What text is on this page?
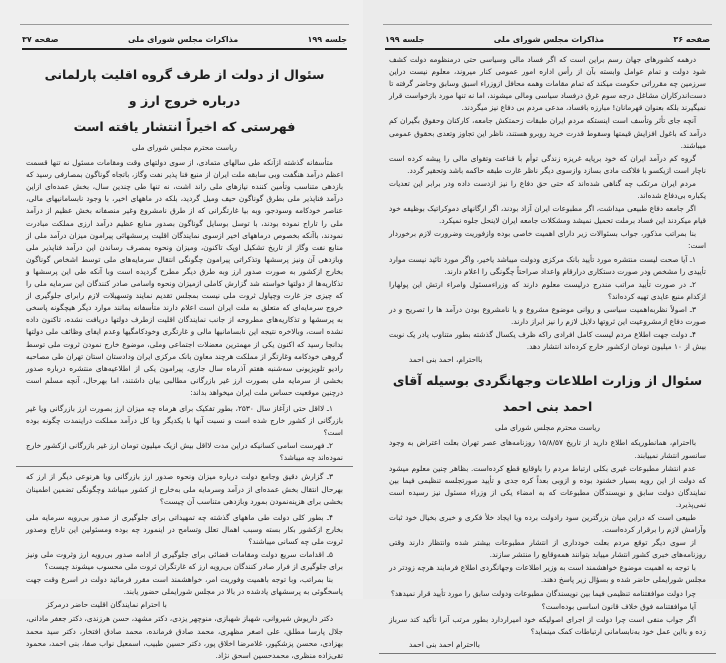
جلسه ۱۹۹
مذاکرات مجلس شورای ملی
صفحه ۳۷
سئوال از دولت از طرف گروه اقلیت پارلمانی درباره خروج ارز و
فهرستی که اخیراً انتشار یافته است
ریاست محترم مجلس شورای ملی

متأسفانه گذشته ازآنکه طی سالهای متمادی، از سوی دولتهای وقت ومقامات مسئول نه تنها قسمت اعظم درآمد هنگفت وبی سابقه ملت ایران از منبع فنا پذیر نفت وگاز، باتجاه گوناگون بمصارفی رسید که بازدهی متناسب وتأمین کننده نیازهای ملی راند اشت، نه تنها طی چندین سال، بخش عمده‌ای ازاین درآمد فناپذیر ملی بطرق گوناگون حیف ومیل گردید، بلکه در ماههای اخیر، با وجود نابسامانیهای مالی، عناصر خودکامه وسودجو، وبه بیا غارتگرانی که از طرق نامشروع وغیر منصفانه بخش عظیم از درآمد ملی را تاراج نموده بودند، با توسل بوسایل گوناگون بصدور منابع عظیم درآمد ارزی مملکت مبادرت نمودند، باآنکه بخصوص درماههای اخیر ازسوی نمایندگان اقلیت پرسشهائی پیرامون میزان درآمد ملی از منابع نفت وگاز از تاریخ تشکیل اوپک تاکنون، ومیزان ونحوه بمصرف رساندن این درآمد فناپذیر ملی وبازدهی آن ونیز پرسشها وتذکراتی پیرامون چگونگی انتقال سرمایه‌های ملی توسط اشخاص گوناگون بخارج ازکشور به صورت صدور ارز وبه طرق دیگر مطرح گردیده است وبا آنکه طی این پرسشها و تذکاریه‌ها از دولتها خواسته شد گزارش کاملی ازمیزان ونحوه واسامی صادر کنندگان این سرمایه ملی را که چیزی جز غارت وچپاول ثروت ملی نیست بمجلس تقدیم نمایند وتسهیلات لازم رابرای جلوگیری از خروج سرمایه‌ای که متعلق به ملت ایران است اعلام دارند متأسفانه بمانند موارد دیگر هیچگونه پاسخی به پرسشها و تذکاریه‌های مطروحه از جانب نمایندگان اقلیت ازطرف دولتها دریافت نشده، تاکنون داده نشده است، وبالاخره نتیجه این نابسامانیها مالی و غارتگری وخودکامگیها وعدم ایفای وظائف ملی دولتها بدانجا رسید که اکنون یکی از مهمترین معضلات اجتماعی وملی، موضوع خارج نمودن ثروت ملی توسط گروهی خودکامه وغارتگر از مملکت هرچند معاون بانک مرکزی ایران ودادستان استان تهران طی مصاحبه رادیو تلویزیونی سه‌شنبه هفتم آذرماه سال جاری، پیرامون یکی از اطلاعیه‌های منتشره درباره صدور بخشی از سرمایه ملی بصورت ارز غیر بازرگانی مطالبی بیان داشتند، اما بهرحال، آنچه مسلم است درچنین موقعیت حساس ملت ایران میخواهد بداند:

۱ـ لااقل حتی ازآغاز سال ۲۵۳۰، بطور تفکیک برای هرماه چه میزان ارز بصورت ارز بازرگانی ویا غیر بازرگانی از کشور خارج شده است و نسبت آنها با یکدیگر وبا کل درآمد مملکت دراینمدت چگونه بوده است؟

۲ـ فهرست اسامی کسانیکه دراین مدت لااقل بیش ازیک میلیون تومان ارز غیر بازرگانی ازکشور خارج نموده‌اند چه میباشد؟

۳ـ گزارش دقیق وجامع دولت درباره میزان ونحوه صدور ارز بازرگانی ویا هرنوعی دیگر از ارز که بهرحال انتقال بخش عمده‌ای از درآمد وسرمایه ملی به‌خارج از کشور میباشد وچگونگی تضمین اطمینان بخشی برای هزینه‌نمودن بمورد وبازدهی متناسب آن چیست؟

۴ـ بطور کلی دولت طی ماههای گذشته چه تمهیداتی برای جلوگیری از صدور بی‌رویه سرمایه ملی بخارج ازکشور بکار بسته وسبب اهمال تعلل وتسامح در اینمورد چه بوده ومسئولین این تاراج وصدور ثروت ملی چه کسانی میباشند؟

۵ـ اقدامات سریع دولت ومقامات قضائی برای جلوگیری از ادامه صدور بی‌رویه ارز وثروت ملی ونیز برای جلوگیری از فرار صادر کنندگان بی‌رویه ارز که غارتگران ثروت ملی محسوب میشوند چیست؟

بنا بمراتب، وبا توجه باهمیت وفوریت امر، خواهشمند است مقرر فرمائید دولت در اسرع وقت جهت پاسخگوئی به پرسشهای یادشده در بالا در مجلس شورایملی حضور یابند.

با احترام نمایندگان اقلیت حاضر درمرکز

دکتر داریوش شیروانی، شهباز شهبازی، منوچهر یزدی، دکتر مشهد، حسن هرزندی، دکتر جعفر مادانی، جلال پارسا مطلق، علی اصغر مظهری، محمد صادق فرمانده، محمد صادق افتخار، دکتر سید محمد بهزادی، محسن پزشکپور، غلامرضا اخلاق پور، دکتر حسین طبیب، اسمعیل نواب صفا، بنی احمد، محمود تقی‌زاده منظری، محمدحسین اسحق نژاد.

صفحه ۳۶
مذاکرات مجلس شورای ملی
جلسه ۱۹۹

درهمه کشورهای جهان رسم براین است که اگر فساد مالی وسیاسی حتی درمنظومه دولت کشف شود دولت و تمام عوامل وابسته بآن از رأس اداره امور عمومی کنار میروند، معلوم نیست دراین سرزمین چه مقرراتی حکومت میکند که تمام مقامات وهمه محافل ازوزراء اسبق وسابق وحاضر گرفته تا دست‌اندرکاران مشاغل درجه سوم غرق درفساد سیاسی ومالی میشوند، اما نه تنها مورد بازخواست قرار نمیگیرند بلکه بعنوان قهرمانان! مبارزه بافساد، مدعی مردم بی دفاع نیز میگردند.

آنچه جای تأثر وتأسف است اینستکه مردم ایران طبقات زحمتکش جامعه، کارکنان وحقوق بگیران کم درآمد که باغول افزایش قیمتها وسقوط قدرت خرید روبرو هستند، ناظر این تجاوز وتعدی بحقوق عمومی میباشند.

گروه کم درآمد ایران که خود برپایه غریزه زندگی توأم با قناعت وتقوای مالی را پیشه کرده است ناچار است ازیکسو با فلاکت مادی بسازد وازسوی دیگر ناظر غارت طبقه حاکمه باشد وتحقیر گردد.

مردم ایران مرتکب چه گناهی شده‌اند که حتی حق دفاع را نیز ازدست داده ودر برابر این تعدیات یکباره بی‌دفاع شده‌اند.

اگر جامعه دفاع طبیعی میداشت، اگر مطبوعات ایران آزاد بودند، اگر ارگانهای دموکراتیک بوظیفه خود قیام میکردند این فساد برملت تحمیل نمیشد ومشکلات جامعه ایران لاینحل جلوه نمیکرد.

بنا بمراتب مذکور، جواب بسئوالات زیر دارای اهمیت خاصی بوده وازفوریت وضرورت لازم برخوردار است:

۱ـ آیا صحت لیست منتشره مورد تأیید بانک مرکزی ودولت میباشد یاخیر، واگر مورد تائید نیست موارد تأییدی را مشخص ودر صورت دستکاری درارقام واعداد صراحتاً چگونگی را اعلام دارند.

۲ـ در صورت تأیید مراتب مندرج درلیست معلوم دارند که وزراءمسئول وامراء ارتش این پولهارا ازکدام منبع عایدی تهیه کرده‌اند؟

۳ـ اصولاً نظربه‌اهمیت سیاسی و روانی موضوع مشروع و یا نامشروع بودن درآمد ها را تصریح و در صورت دفاع ازمشروعیت این ثروتها دلایل لازم را نیز ابراز دارند.

۴ـ دولت جهت اطلاع مردم لیست کامل افرادی راکه ظرف یکسال گذشته بطور متناوب یادر یک نوبت بیش از ۱۰ میلیون تومان ازکشور خارج کرده‌اند انتشار دهد.

بااحترام، احمد بنی احمد
سئوال از وزارت اطلاعات وجهانگردی بوسیله آقای احمد بنی احمد
ریاست محترم مجلس شورای ملی

بااحترام، همانطوریکه اطلاع دارید از تاریخ ۱۵/۸/۵۷ روزنامه‌های عصر تهران بعلت اعتراض به وجود سانسور انتشار نمییابند.

عدم انتشار مطبوعات غیری بکلی ارتباط مردم را باوقایع قطع کرده‌است. بظاهر چنین معلوم میشود که دولت از این رویه بسیار خشنود بوده و ازوبی بعداً کره جدی و تأیید صورتجلسه تنظیمی فیما بین نمایندگان دولت سابق و نویسندگان مطبوعات که به امضاء یکی از وزراء مسئول نیز رسیده است نمی‌پذیرد.

طبیعی است که دراین میان بزرگترین سود رادولت برده ویا ایجاد خلأ فکری و خبری بخیال خود ثبات وآرامش لازم را برقرار کرده‌است.

از سوی دیگر توقع مردم بعلت خودداری از انتشار مطبوعات بیشتر شده وانتظار دارند وقتی روزنامه‌های خبری کشور انتشار مییابد بتوانند همه‌وقایع را منتشر سازند.

با توجه به اهمیت موضوع خواهشمند است به وزیر اطلاعات وجهانگردی اطلاع فرمایند هرچه زودتر در مجلس شورایملی حاضر شده و بسؤال زیر پاسخ دهند.

چرا دولت موافقتنامه تنظیمی فیما بین نویسندگان مطبوعات ودولت سابق را مورد تأیید قرار نمیدهد؟

آیا موافقتنامه فوق خلاف قانون اساسی بوده‌است؟

اگر جواب منفی است چرا دولت از اجرای اصولیکه خود امیراردارد بطور مرتب آنرا تأکید کند سرباز زده و بااین عمل خود به‌نابسامانی ارتباطات کمک مینماید؟

بااحترام احمد بنی احمد
